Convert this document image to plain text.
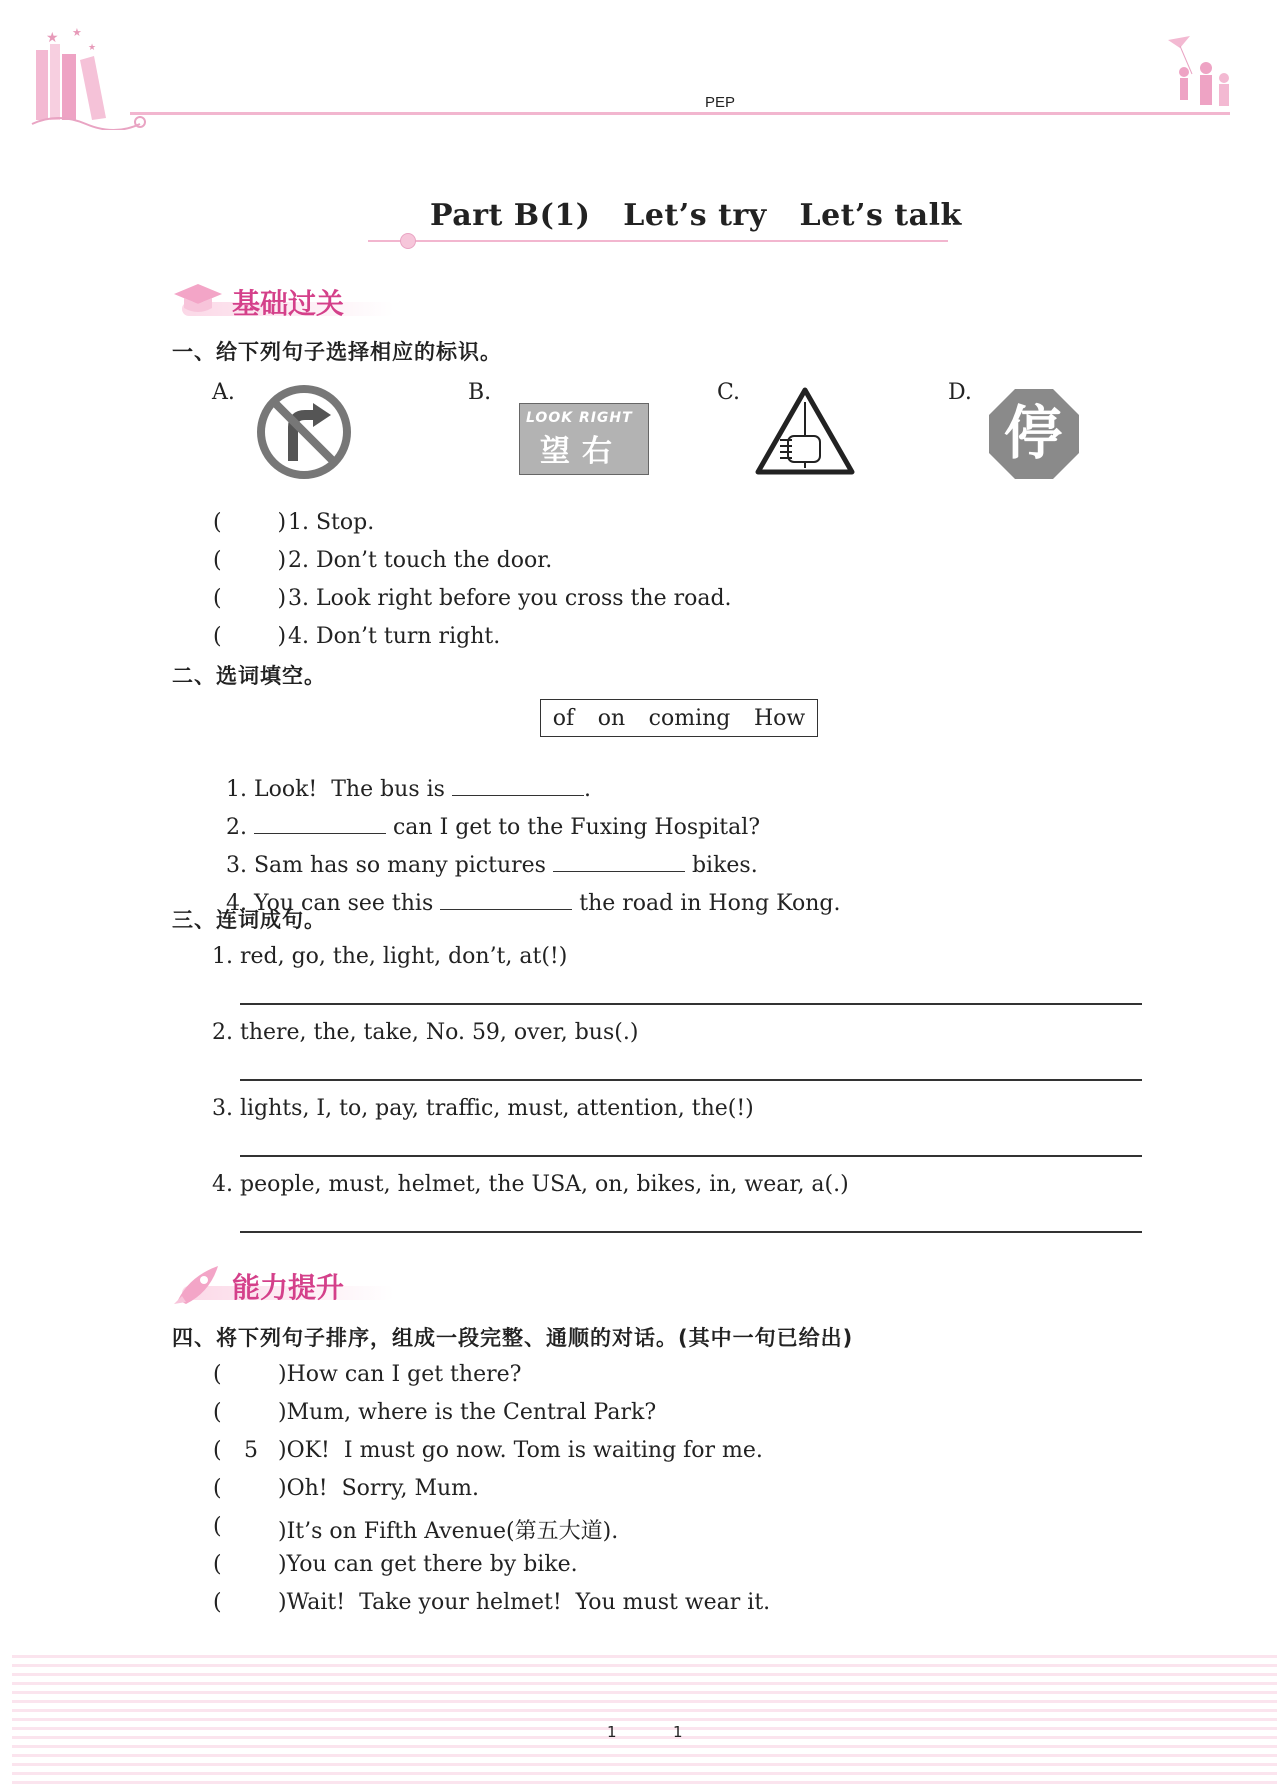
★ ★
★
PEP
Part B(1)   Let’s try   Let’s talk
基础过关
一、给下列句子选择相应的标识。
A.	B.
LOOK RIGHT
望右
C.	D.
停
(        ) 1. Stop.
(        ) 2. Don’t touch the door.
(        ) 3. Look right before you cross the road.
(        ) 4. Don’t turn right.
二、选词填空。
of on coming How

1. Look!  The bus is	.

2.	can I get to the Fuxing Hospital?

3. Sam has so many pictures	bikes.

4. You can see this	the road in Hong Kong.

三、连词成句。
1. red, go, the, light, don’t, at(!)
2. there, the, take, No. 59, over, bus(.)
3. lights, I, to, pay, traffic, must, attention, the(!)
4. people, must, helmet, the USA, on, bikes, in, wear, a(.)
能力提升
四、将下列句子排序，组成一段完整、通顺的对话。(其中一句已给出)
(	)How can I get there?
(	)Mum, where is the Central Park?
( 5 )OK!  I must go now. Tom is waiting for me.
(	)Oh!  Sorry, Mum.
(	)It’s on Fifth Avenue(第五大道).
(	)You can get there by bike.
(	)Wait!  Take your helmet!  You must wear it.
1	1
